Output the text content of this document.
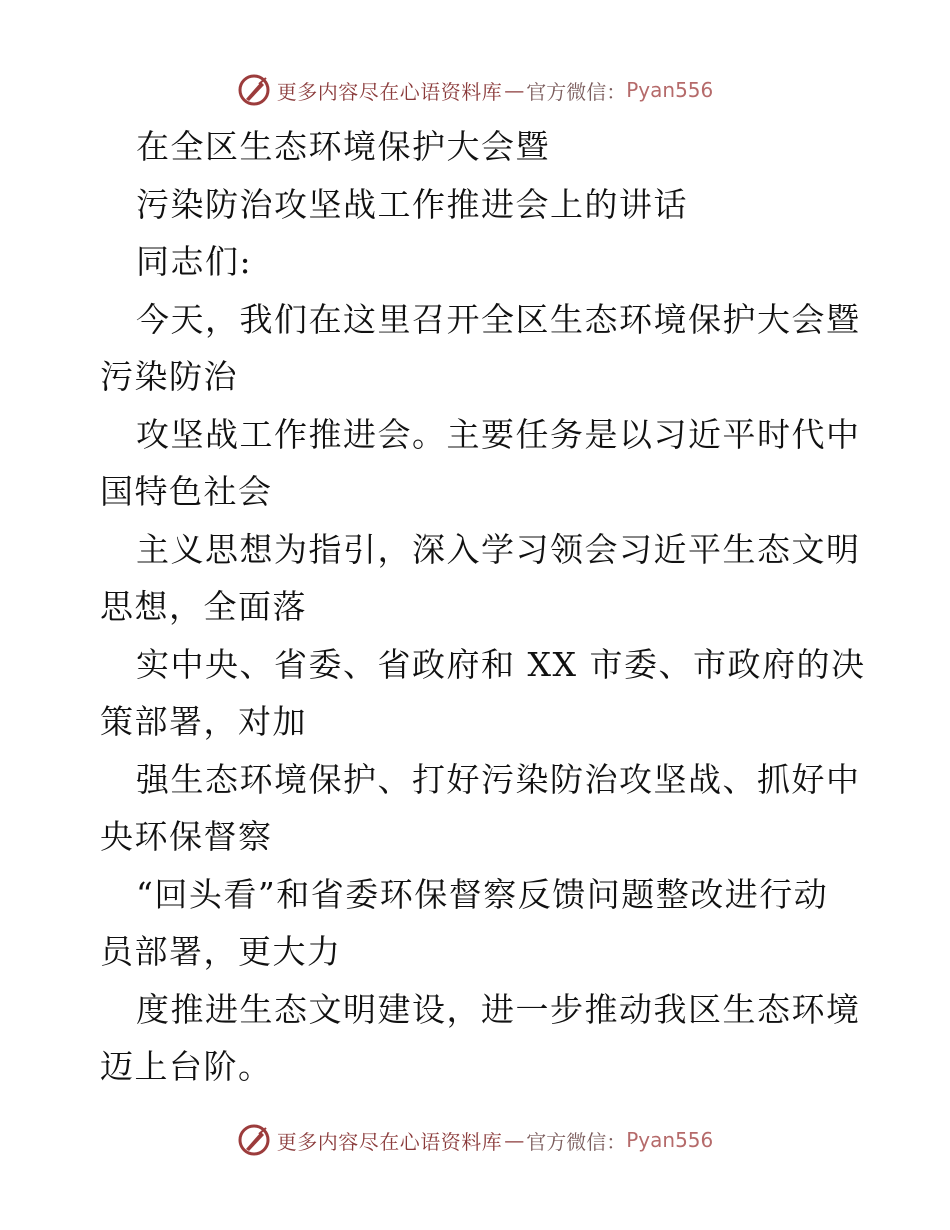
更多内容尽在心语资料库 — 官方微信： Pyan556
在全区生态环境保护大会暨
污染防治攻坚战工作推进会上的讲话
同志们:
今天，我们在这里召开全区生态环境保护大会暨
污染防治
攻坚战工作推进会。主要任务是以习近平时代中
国特色社会
主义思想为指引，深入学习领会习近平生态文明
思想，全面落
实中央、省委、省政府和 XX 市委、市政府的决
策部署，对加
强生态环境保护、打好污染防治攻坚战、抓好中
央环保督察
“回头看”和省委环保督察反馈问题整改进行动
员部署，更大力
度推进生态文明建设，进一步推动我区生态环境
迈上台阶。
更多内容尽在心语资料库 — 官方微信： Pyan556
